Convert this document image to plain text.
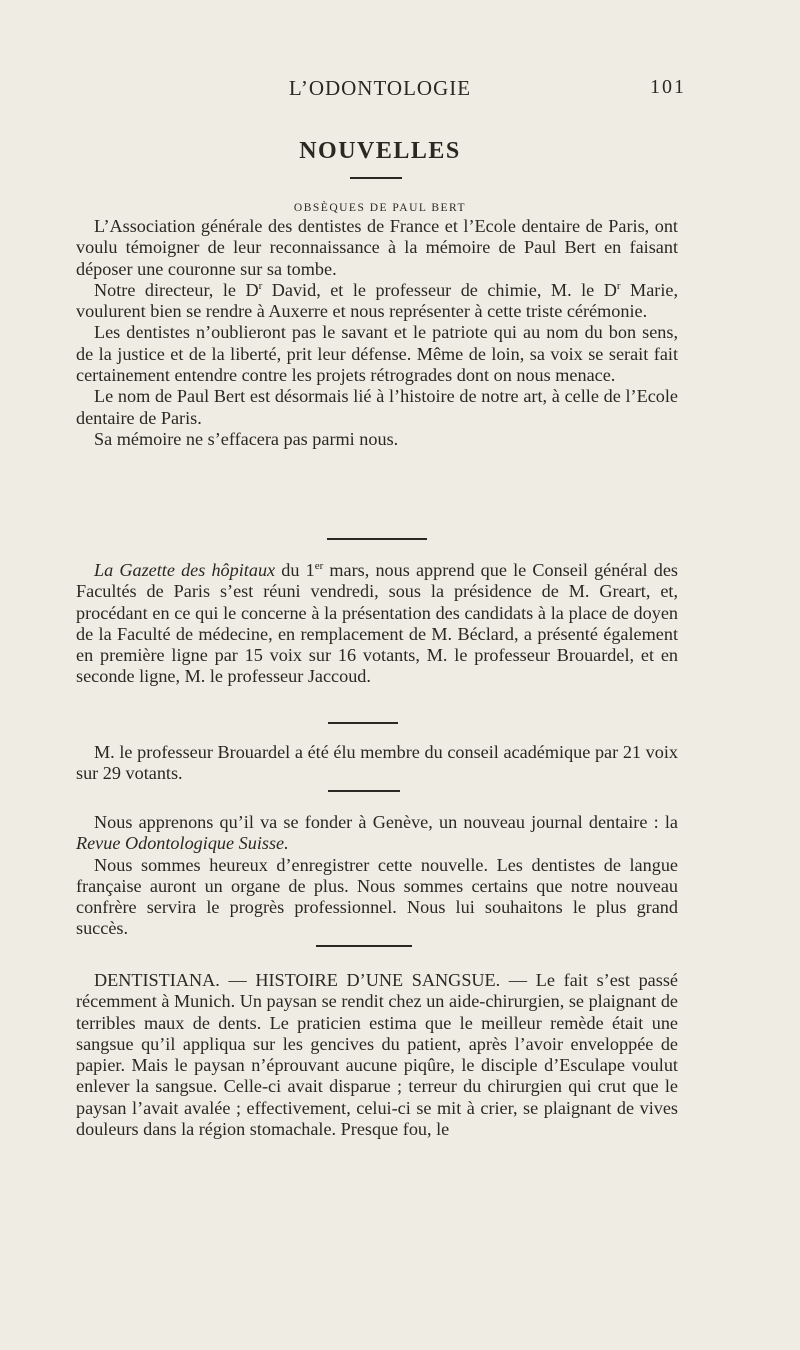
L’ODONTOLOGIE	101
NOUVELLES
OBSÈQUES DE PAUL BERT

L’Association générale des dentistes de France et l’Ecole dentaire de Paris, ont voulu témoigner de leur reconnaissance à la mémoire de Paul Bert en faisant déposer une couronne sur sa tombe.

Notre directeur, le $D^r$ David, et le professeur de chimie, M. le $D^r$ Marie, voulurent bien se rendre à Auxerre et nous représenter à cette triste cérémonie.

Les dentistes n’oublieront pas le savant et le patriote qui au nom du bon sens, de la justice et de la liberté, prit leur défense. Même de loin, sa voix se serait fait certainement entendre contre les projets rétrogrades dont on nous menace.

Le nom de Paul Bert est désormais lié à l’histoire de notre art, à celle de l’Ecole dentaire de Paris.

Sa mémoire ne s’effacera pas parmi nous.

La Gazette des hôpitaux du 1er mars, nous apprend que le Conseil général des Facultés de Paris s’est réuni vendredi, sous la présidence de M. Greart, et, procédant en ce qui le concerne à la présentation des candidats à la place de doyen de la Faculté de médecine, en remplacement de M. Béclard, a présenté également en première ligne par 15 voix sur 16 votants, M. le professeur Brouardel, et en seconde ligne, M. le professeur Jaccoud.

M. le professeur Brouardel a été élu membre du conseil académique par 21 voix sur 29 votants.

Nous apprenons qu’il va se fonder à Genève, un nouveau journal dentaire : la Revue Odontologique Suisse.

Nous sommes heureux d’enregistrer cette nouvelle. Les dentistes de langue française auront un organe de plus. Nous sommes certains que notre nouveau confrère servira le progrès professionnel. Nous lui souhaitons le plus grand succès.

DENTISTIANA. — HISTOIRE D’UNE SANGSUE. — Le fait s’est passé récemment à Munich. Un paysan se rendit chez un aide-chirurgien, se plaignant de terribles maux de dents. Le praticien estima que le meilleur remède était une sangsue qu’il appliqua sur les gencives du patient, après l’avoir enveloppée de papier. Mais le paysan n’éprouvant aucune piqûre, le disciple d’Esculape voulut enlever la sangsue. Celle-ci avait disparue ; terreur du chirurgien qui crut que le paysan l’avait avalée ; effectivement, celui-ci se mit à crier, se plaignant de vives douleurs dans la région stomachale. Presque fou, le
